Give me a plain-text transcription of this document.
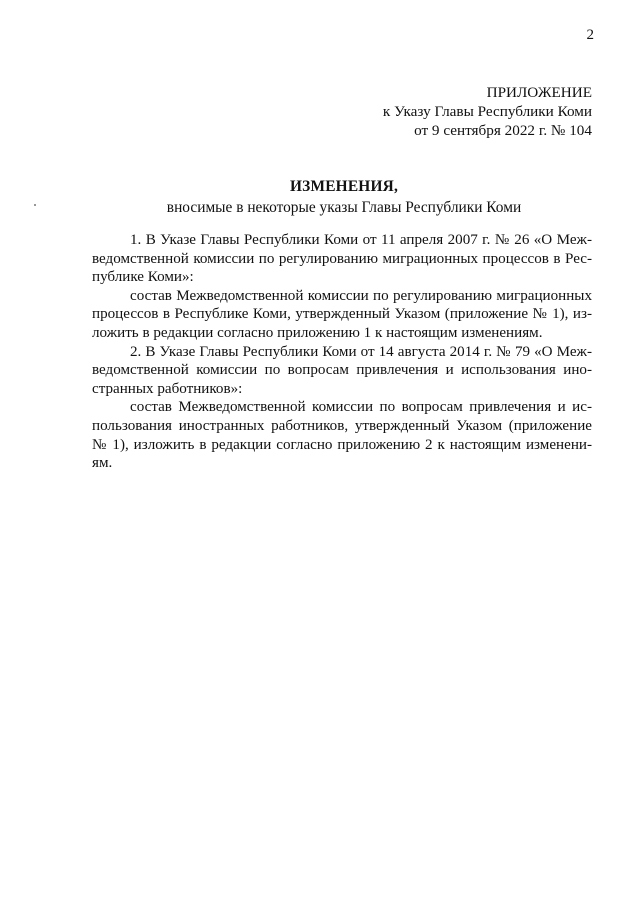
2
ПРИЛОЖЕНИЕ
к Указу Главы Республики Коми
от 9 сентября 2022 г. № 104
ИЗМЕНЕНИЯ,
вносимые в некоторые указы Главы Республики Коми

1. В Указе Главы Республики Коми от 11 апреля 2007 г. № 26 «О Меж-
ведомственной комиссии по регулированию миграционных процессов в Рес-
публике Коми»:

состав Межведомственной комиссии по регулированию миграционных
процессов в Республике Коми, утвержденный Указом (приложение № 1), из-
ложить в редакции согласно приложению 1 к настоящим изменениям.

2. В Указе Главы Республики Коми от 14 августа 2014 г. № 79 «О Меж-
ведомственной комиссии по вопросам привлечения и использования ино-
странных работников»:

состав Межведомственной комиссии по вопросам привлечения и ис-
пользования иностранных работников, утвержденный Указом (приложение
№ 1), изложить в редакции согласно приложению 2 к настоящим изменени-
ям.
